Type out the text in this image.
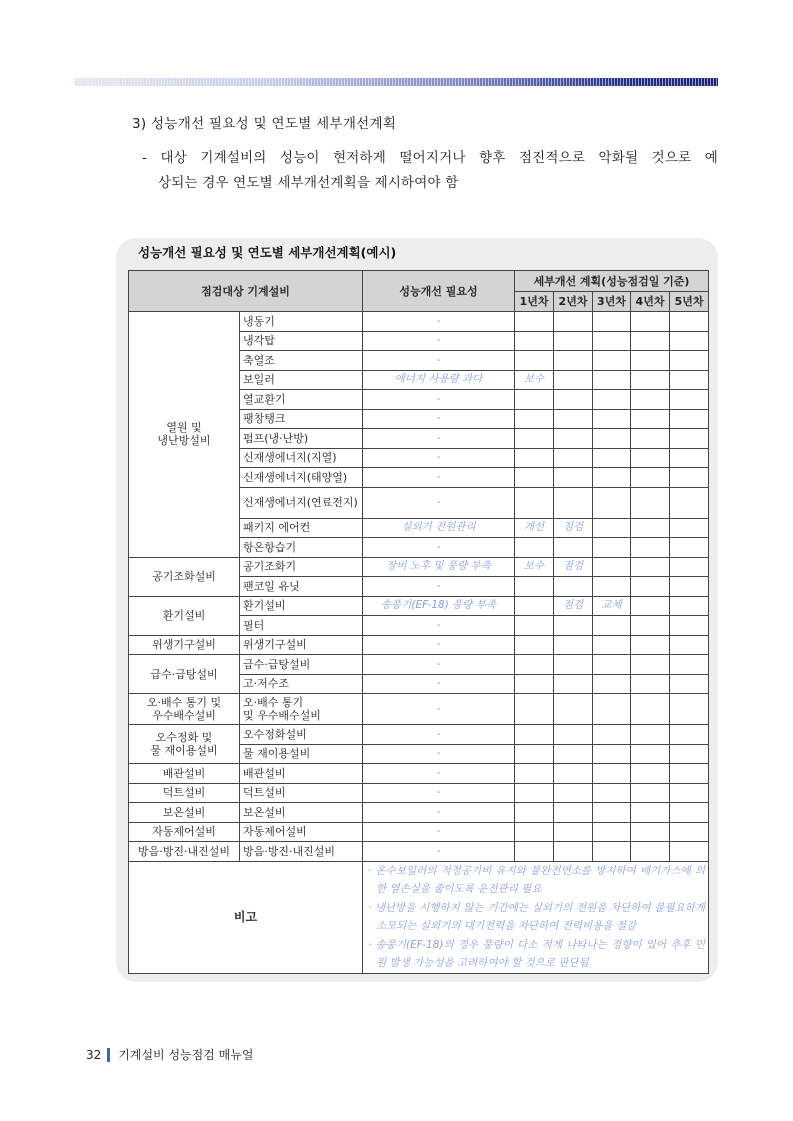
3) 성능개선 필요성 및 연도별 세부개선계획
- 대상 기계설비의 성능이 현저하게 떨어지거나 향후 점진적으로 악화될 것으로 예
상되는 경우 연도별 세부개선계획을 제시하여야 함
성능개선 필요성 및 연도별 세부개선계획(예시)
점검대상 기계설비		성능개선 필요성	세부개선 계획(성능점검일 기준)				
			1년차	2년차	3년차	4년차	5년차
열원 및
냉난방설비	냉동기	-					
	냉각탑	-					
	축열조	-					
	보일러	에너지 사용량 과다	보수				
	열교환기	-					
	팽창탱크	-					
	펌프(냉·난방)	-					
	신재생에너지(지열)	-					
	신재생에너지(태양열)	-					
	신재생에너지(연료전지)	-					
	패키지 에어컨	실외기 전원관리	개선	점검			
	항온항습기	-					
공기조화설비	공기조화기	장비 노후 및 풍량 부족	보수	점검			
	팬코일 유닛	-					
환기설비	환기설비	송풍기(EF-18) 풍량 부족		점검	교체		
	필터	-					
위생기구설비	위생기구설비	-					
급수·급탕설비	급수·급탕설비	-					
	고·저수조	-					
오·배수 통기 및
우수배수설비	오·배수 통기
및 우수배수설비	-					
오수정화 및
물 재이용설비	오수정화설비	-					
	물 재이용설비	-					
배관설비	배관설비	-					
덕트설비	덕트설비	-					
보온설비	보온설비	-					
자동제어설비	자동제어설비	-					
방음·방진·내진설비	방음·방진·내진설비	-					
비고		· 온수보일러의 적정공기비 유지와 불완전연소를 방지하여 배기가스에 의한 열손실을 줄이도록 운전관리 필요
· 냉난방을 시행하지 않는 기간에는 실외기의 전원을 차단하여 불필요하게 소모되는 실외기의 대기전력을 차단하여 전력비용을 절감
· 송풍기(EF-18)의 경우 풍량이 다소 적게 나타나는 경향이 있어 추후 민원 발생 가능성을 고려하여야 할 것으로 판단됨					
32 기계설비 성능점검 매뉴얼
